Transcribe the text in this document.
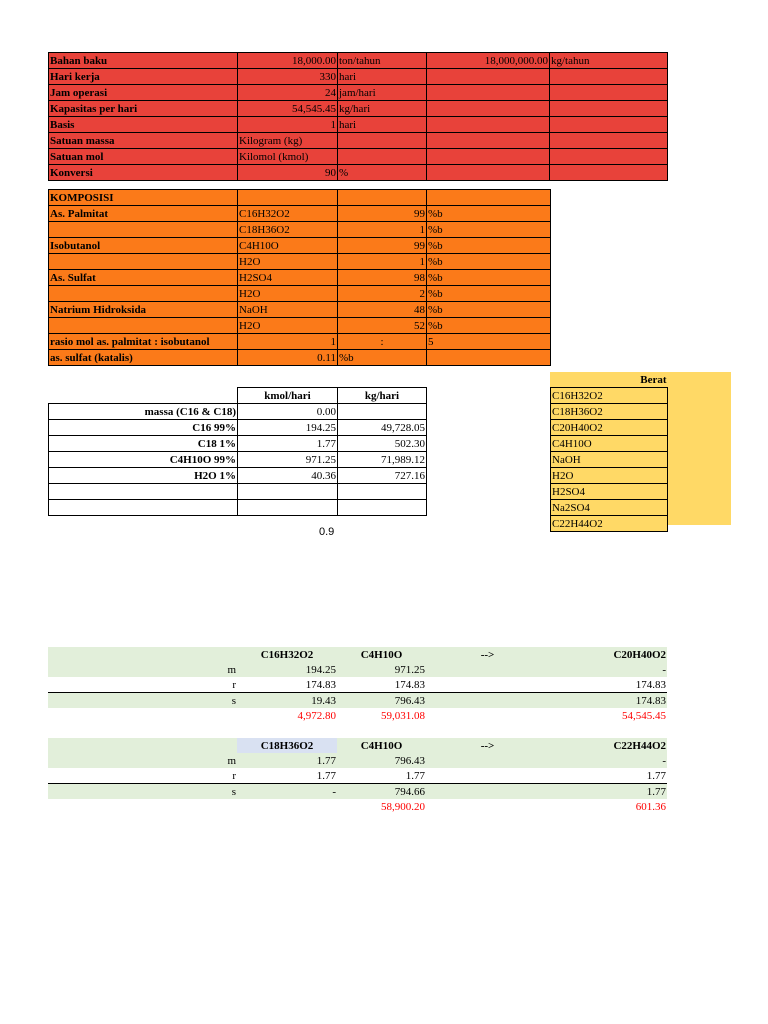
Bahan baku	18,000.00	ton/tahun	18,000,000.00	kg/tahun
Hari kerja	330	hari		
Jam operasi	24	jam/hari		
Kapasitas per hari	54,545.45	kg/hari		
Basis	1	hari		
Satuan massa	Kilogram (kg)			
Satuan mol	Kilomol (kmol)			
Konversi	90	%		
KOMPOSISI			
As. Palmitat	C16H32O2	99	%b
	C18H36O2	1	%b
Isobutanol	C4H10O	99	%b
	H2O	1	%b
As. Sulfat	H2SO4	98	%b
	H2O	2	%b
Natrium Hidroksida	NaOH	48	%b
	H2O	52	%b
rasio mol as. palmitat : isobutanol	1	:	5
as. sulfat (katalis)	0.11	%b	
	kmol/hari	kg/hari
massa (C16 & C18)	0.00	
C16 99%	194.25	49,728.05
C18 1%	1.77	502.30
C4H10O 99%	971.25	71,989.12
H2O 1%	40.36	727.16

0.9
Berat
C16H32O2
C18H36O2
C20H40O2
C4H10O
NaOH
H2O
H2SO4
Na2SO4
C22H44O2
	C16H32O2	C4H10O	-->	C20H40O2
m	194.25	971.25		-
r	174.83	174.83		174.83
s	19.43	796.43		174.83
	4,972.80	59,031.08		54,545.45
	C18H36O2	C4H10O	-->	C22H44O2
m	1.77	796.43		-
r	1.77	1.77		1.77
s	-	794.66		1.77
		58,900.20		601.36
